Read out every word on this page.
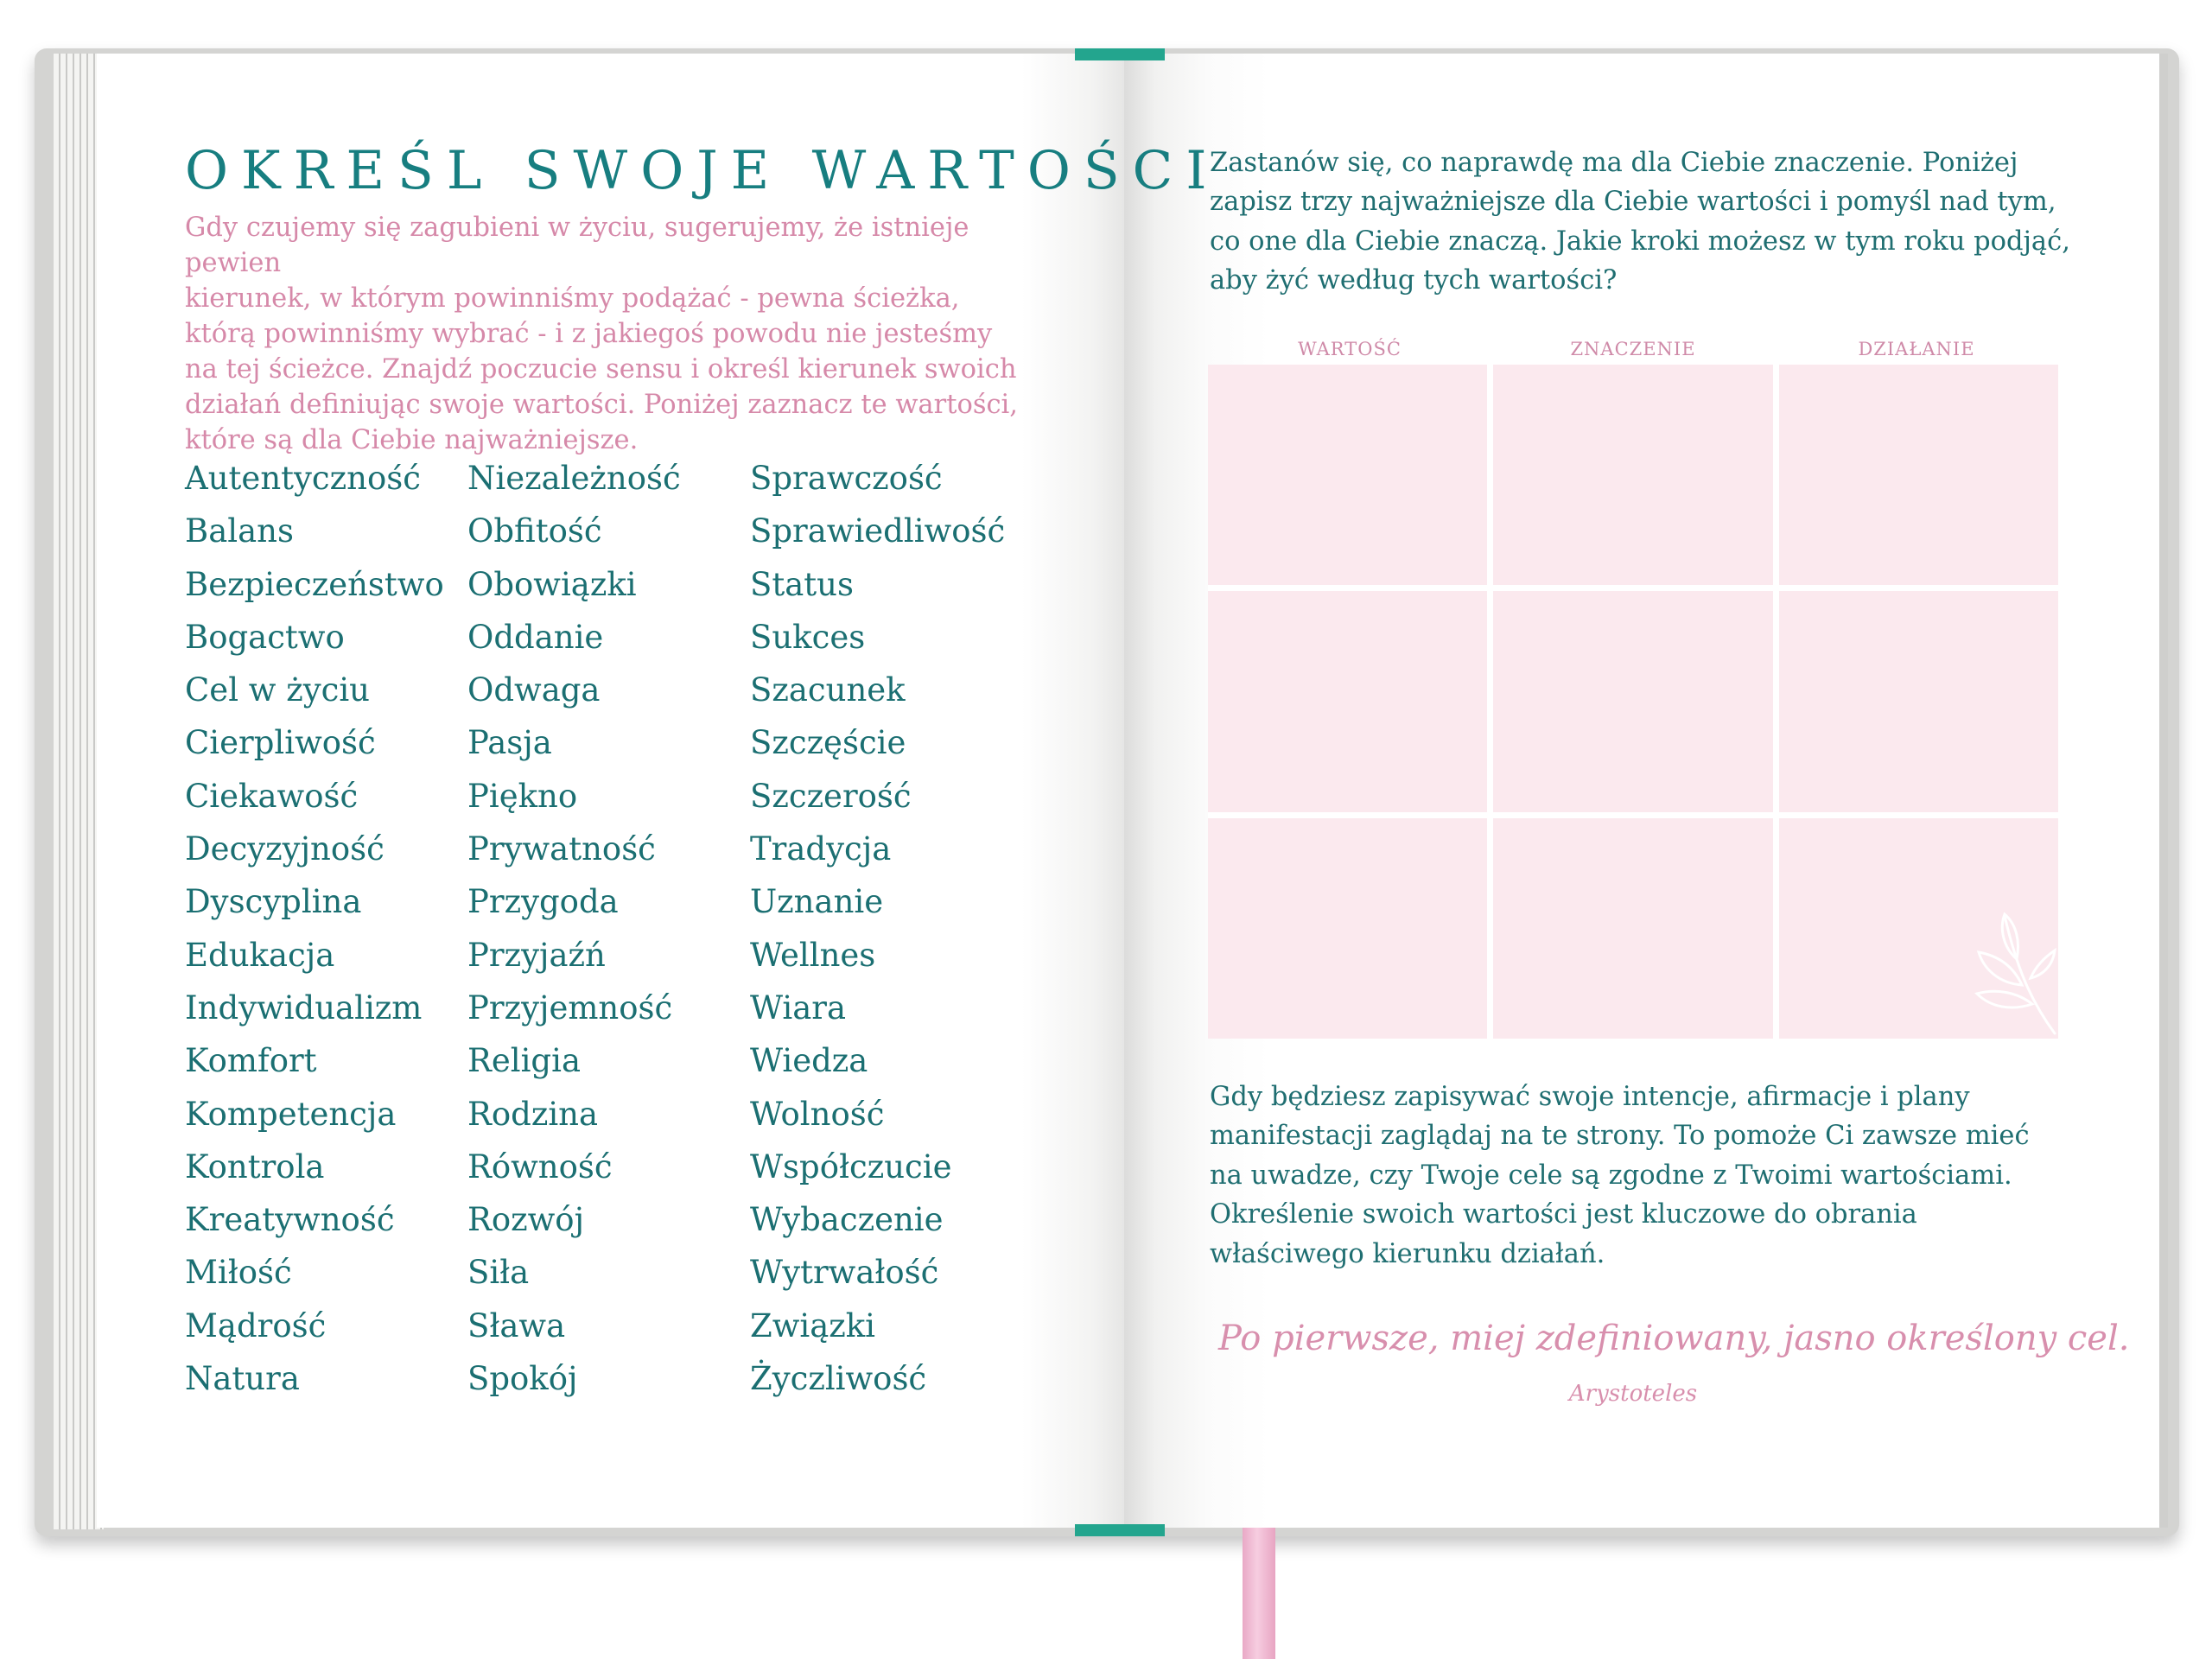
OKREŚL SWOJE WARTOŚCI

Gdy czujemy się zagubieni w życiu, sugerujemy, że istnieje pewien
kierunek, w którym powinniśmy podążać - pewna ścieżka,
którą powinniśmy wybrać - i z jakiegoś powodu nie jesteśmy
na tej ścieżce. Znajdź poczucie sensu i określ kierunek swoich
działań definiując swoje wartości. Poniżej zaznacz te wartości,
które są dla Ciebie najważniejsze.

Autentyczność
Balans
Bezpieczeństwo
Bogactwo
Cel w życiu
Cierpliwość
Ciekawość
Decyzyjność
Dyscyplina
Edukacja
Indywidualizm
Komfort
Kompetencja
Kontrola
Kreatywność
Miłość
Mądrość
Natura
Niezależność
Obfitość
Obowiązki
Oddanie
Odwaga
Pasja
Piękno
Prywatność
Przygoda
Przyjaźń
Przyjemność
Religia
Rodzina
Równość
Rozwój
Siła
Sława
Spokój
Sprawczość
Sprawiedliwość
Status
Sukces
Szacunek
Szczęście
Szczerość
Tradycja
Uznanie
Wellnes
Wiara
Wiedza
Wolność
Współczucie
Wybaczenie
Wytrwałość
Związki
Życzliwość

Zastanów się, co naprawdę ma dla Ciebie znaczenie. Poniżej
zapisz trzy najważniejsze dla Ciebie wartości i pomyśl nad tym,
co one dla Ciebie znaczą. Jakie kroki możesz w tym roku podjąć,
aby żyć według tych wartości?

WARTOŚĆ	ZNACZENIE	DZIAŁANIE

Gdy będziesz zapisywać swoje intencje, afirmacje i plany
manifestacji zaglądaj na te strony. To pomoże Ci zawsze mieć
na uwadze, czy Twoje cele są zgodne z Twoimi wartościami.
Określenie swoich wartości jest kluczowe do obrania
właściwego kierunku działań.

Po pierwsze, miej zdefiniowany, jasno określony cel.

Arystoteles
